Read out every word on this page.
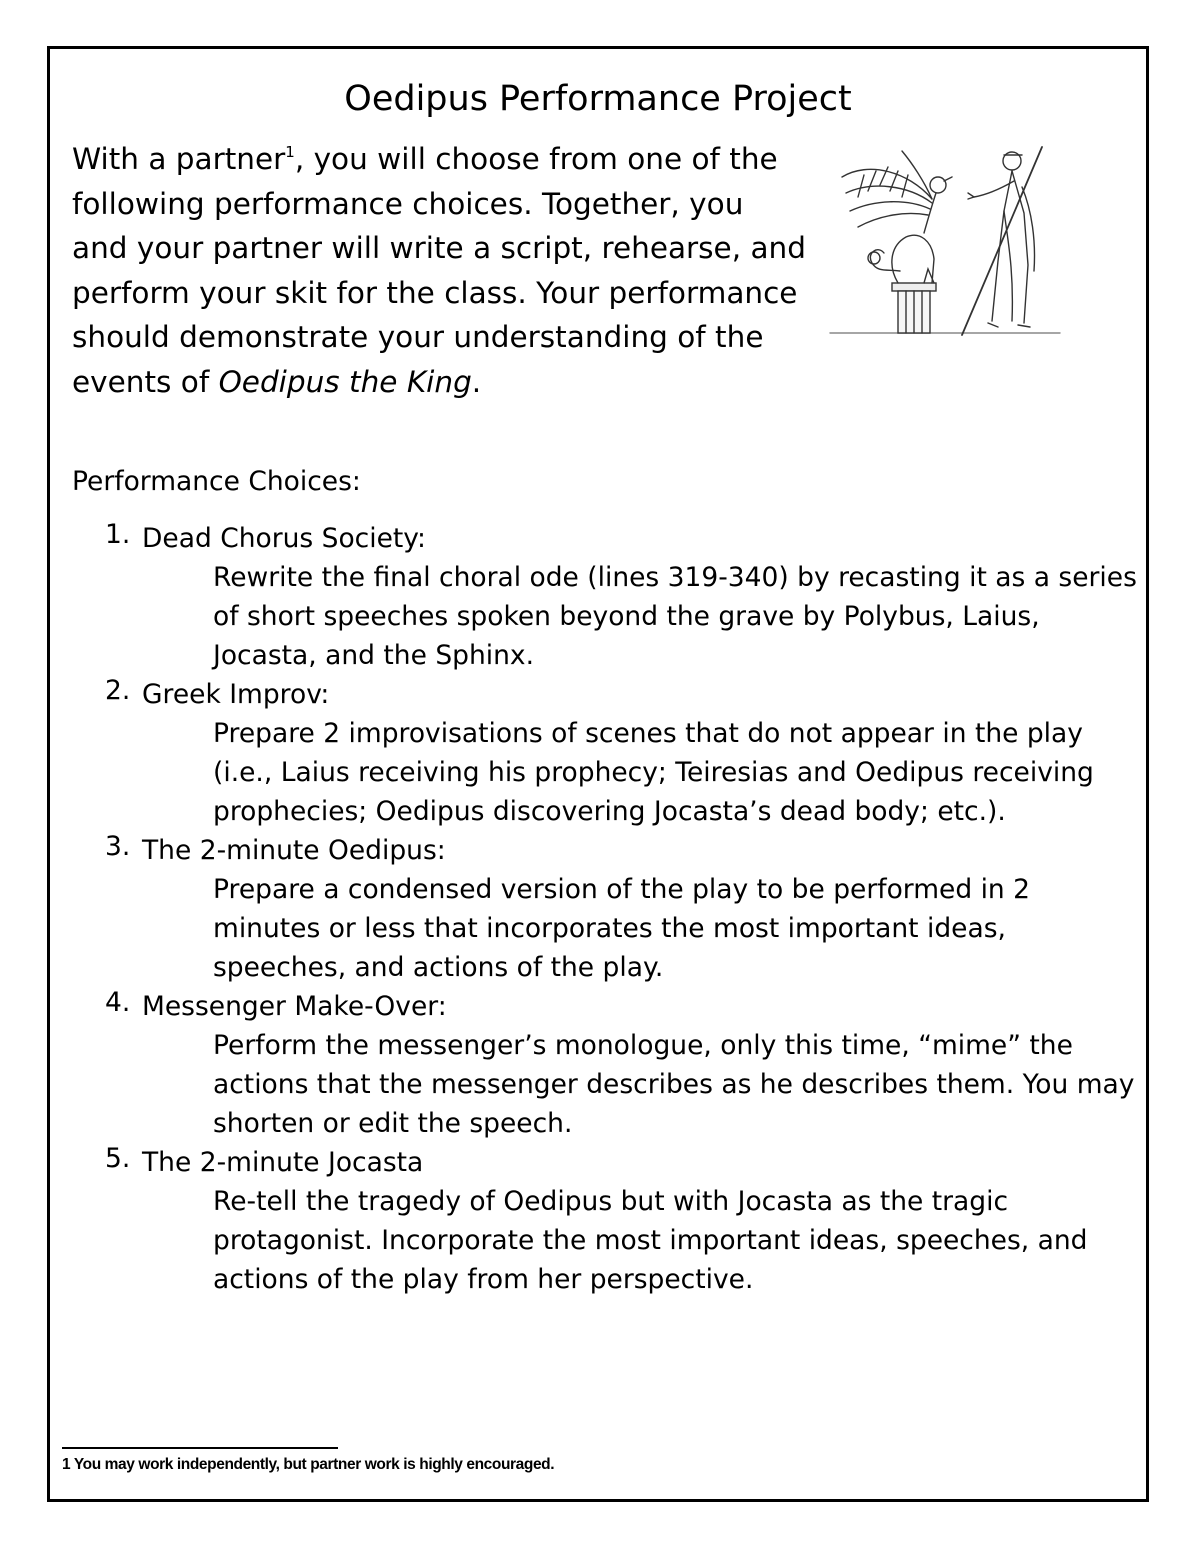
Oedipus Performance Project

With a partner$^1$, you will choose from one of the following performance choices. Together, you and your partner will write a script, rehearse, and perform your skit for the class. Your performance should demonstrate your understanding of the events of Oedipus the King.

Performance Choices:
1. Dead Chorus Society:
Rewrite the final choral ode (lines 319-340) by recasting it as a series of short speeches spoken beyond the grave by Polybus, Laius, Jocasta, and the Sphinx.
2. Greek Improv:
Prepare 2 improvisations of scenes that do not appear in the play (i.e., Laius receiving his prophecy; Teiresias and Oedipus receiving prophecies; Oedipus discovering Jocasta’s dead body; etc.).
3. The 2-minute Oedipus:
Prepare a condensed version of the play to be performed in 2 minutes or less that incorporates the most important ideas, speeches, and actions of the play.
4. Messenger Make-Over:
Perform the messenger’s monologue, only this time, “mime” the actions that the messenger describes as he describes them. You may shorten or edit the speech.
5. The 2-minute Jocasta
Re-tell the tragedy of Oedipus but with Jocasta as the tragic protagonist. Incorporate the most important ideas, speeches, and actions of the play from her perspective.
1 You may work independently, but partner work is highly encouraged.
